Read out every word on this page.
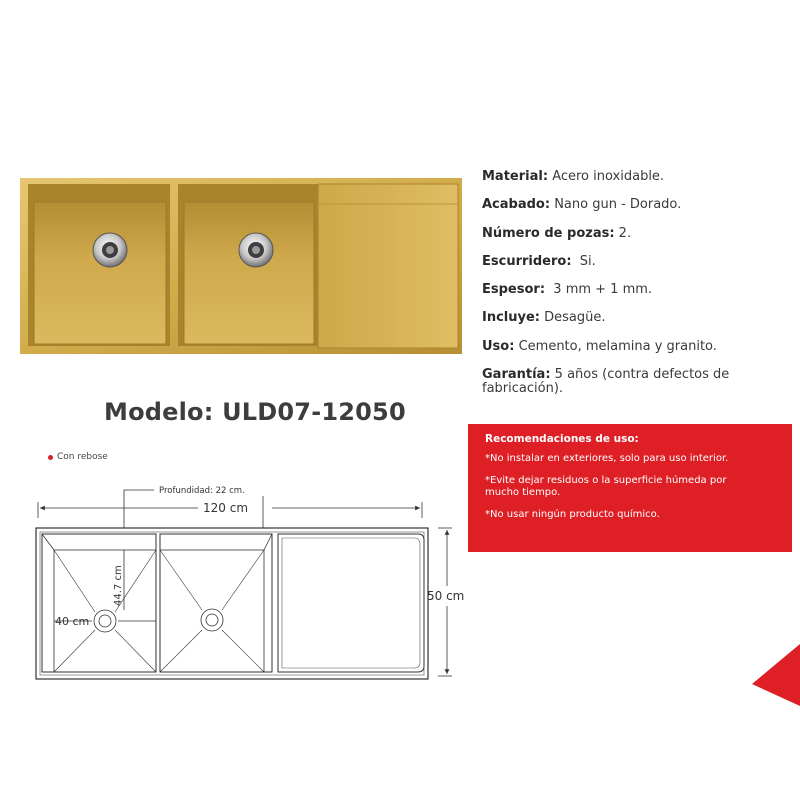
Material: Acero inoxidable.
Acabado: Nano gun - Dorado.
Número de pozas: 2.
Escurridero: Si.
Espesor: 3 mm + 1 mm.
Incluye: Desagüe.
Uso: Cemento, melamina y granito.
Garantía: 5 años (contra defectos de fabricación).
Modelo: ULD07-12050
Con rebose
Recomendaciones de uso:
*No instalar en exteriores, solo para uso interior.
*Evite dejar residuos o la superficie húmeda por mucho tiempo.
*No usar ningún producto químico.
Profundidad: 22 cm.
120 cm
50 cm
40 cm
44.7 cm
